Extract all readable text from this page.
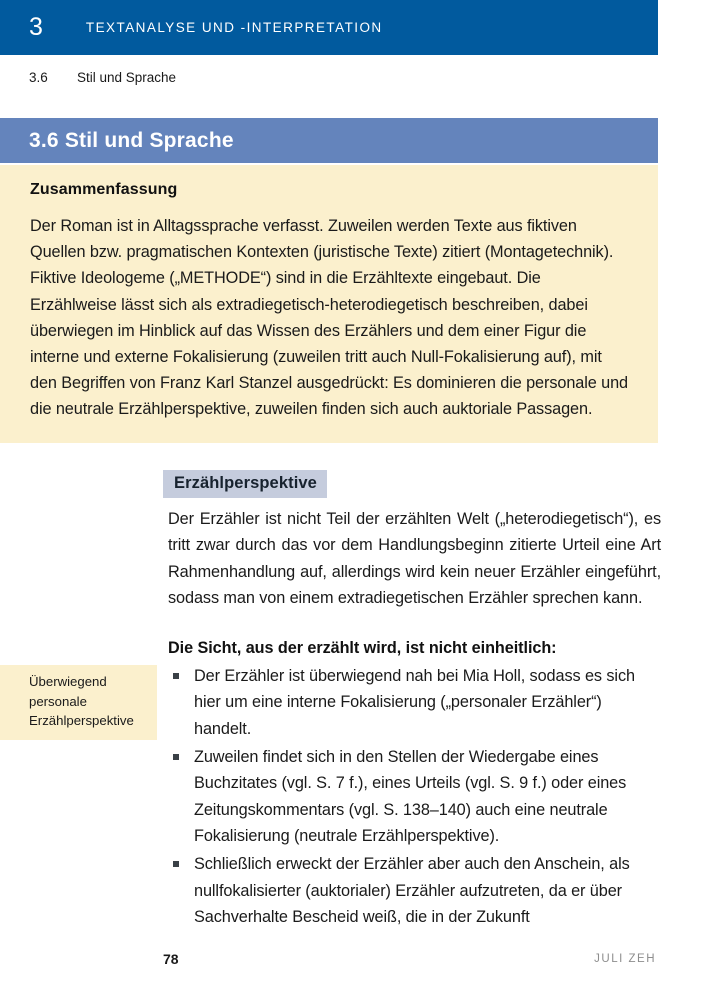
3	TEXTANALYSE UND -INTERPRETATION
3.6	Stil und Sprache
3.6 Stil und Sprache
Zusammenfassung

Der Roman ist in Alltagssprache verfasst. Zuweilen werden Texte aus fiktiven Quellen bzw. pragmatischen Kontexten (juristische Texte) zitiert (Montagetechnik). Fiktive Ideologeme („METHODE“) sind in die Erzähltexte eingebaut. Die Erzählweise lässt sich als extradiegetisch-heterodiegetisch beschreiben, dabei überwiegen im Hinblick auf das Wissen des Erzählers und dem einer Figur die interne und externe Fokalisierung (zuweilen tritt auch Null-Fokalisierung auf), mit den Begriffen von Franz Karl Stanzel ausgedrückt: Es dominieren die personale und die neutrale Erzählperspektive, zuweilen finden sich auch auktoriale Passagen.

Erzählperspektive

Der Erzähler ist nicht Teil der erzählten Welt („heterodiegetisch“), es tritt zwar durch das vor dem Handlungsbeginn zitierte Urteil eine Art Rahmenhandlung auf, allerdings wird kein neuer Erzähler eingeführt, sodass man von einem extradiegetischen Erzähler sprechen kann.

Die Sicht, aus der erzählt wird, ist nicht einheitlich:
Der Erzähler ist überwiegend nah bei Mia Holl, sodass es sich hier um eine interne Fokalisierung („personaler Erzähler“) handelt.
Zuweilen findet sich in den Stellen der Wiedergabe eines Buchzitates (vgl. S. 7 f.), eines Urteils (vgl. S. 9 f.) oder eines Zeitungskommentars (vgl. S. 138–140) auch eine neutrale Fokalisierung (neutrale Erzählperspektive).
Schließlich erweckt der Erzähler aber auch den Anschein, als nullfokalisierter (auktorialer) Erzähler aufzutreten, da er über Sachverhalte Bescheid weiß, die in der Zukunft
Überwiegend personale Erzählperspektive
78	JULI ZEH
